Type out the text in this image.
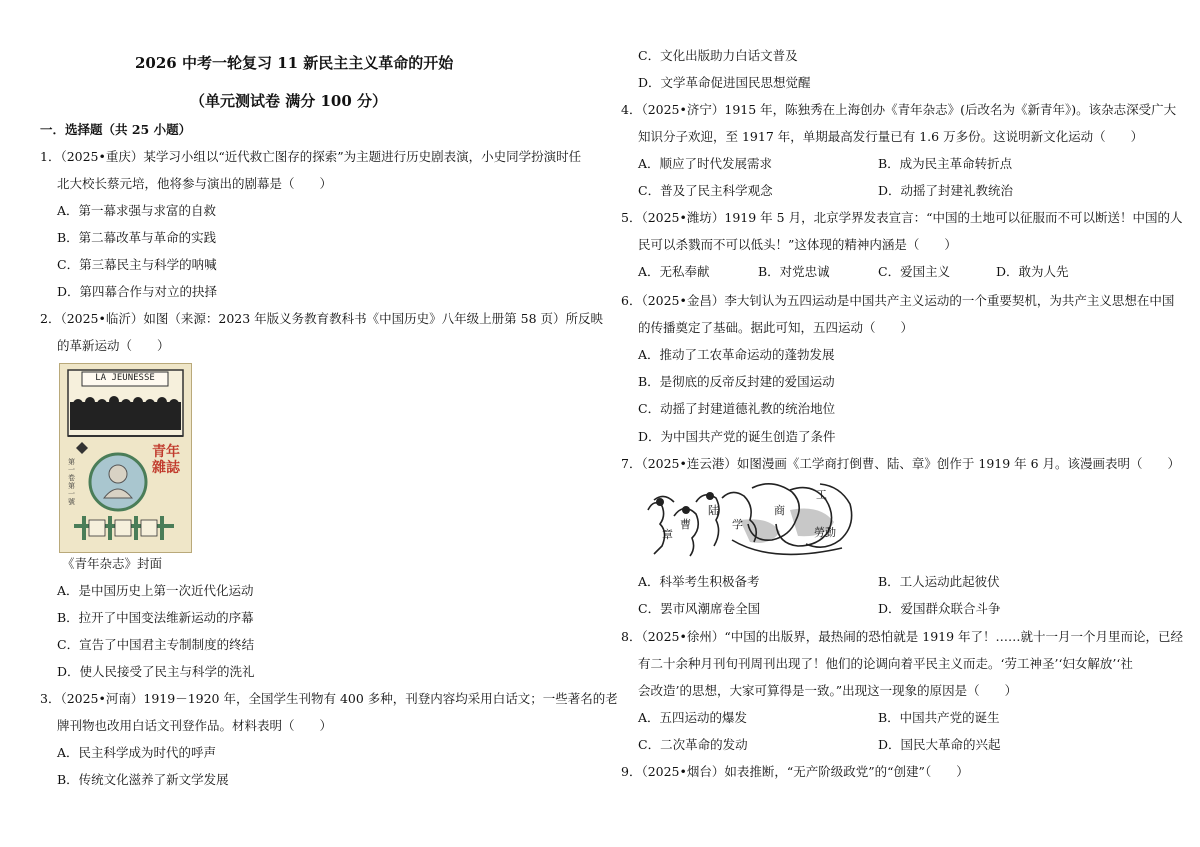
2026 中考一轮复习 11 新民主主义革命的开始
（单元测试卷 满分 100 分）
一．选择题（共 25 小题）
1．（2025•重庆）某学习小组以“近代救亡图存的探索”为主题进行历史剧表演，小史同学扮演时任
北大校长蔡元培，他将参与演出的剧幕是（　　）
A．第一幕求强与求富的自救
B．第二幕改革与革命的实践
C．第三幕民主与科学的呐喊
D．第四幕合作与对立的抉择
2．（2025•临沂）如图（来源：2023 年版义务教育教科书《中国历史》八年级上册第 58 页）所反映
的革新运动（　　）
LA JEUNESSE
青年雜誌
第一卷 第一號
《青年杂志》封面
A．是中国历史上第一次近代化运动
B．拉开了中国变法维新运动的序幕
C．宣告了中国君主专制制度的终结
D．使人民接受了民主与科学的洗礼
3．（2025•河南）1919－1920 年，全国学生刊物有 400 多种，刊登内容均采用白话文；一些著名的老
牌刊物也改用白话文刊登作品。材料表明（　　）
A．民主科学成为时代的呼声
B．传统文化滋养了新文学发展
C．文化出版助力白话文普及
D．文学革命促进国民思想觉醒
4．（2025•济宁）1915 年，陈独秀在上海创办《青年杂志》(后改名为《新青年》)。该杂志深受广大
知识分子欢迎，至 1917 年，单期最高发行量已有 1.6 万多份。这说明新文化运动（　　）
A．顺应了时代发展需求	B．成为民主革命转折点
C．普及了民主科学观念	D．动摇了封建礼教统治
5．（2025•潍坊）1919 年 5 月，北京学界发表宣言：“中国的土地可以征服而不可以断送！中国的人
民可以杀戮而不可以低头！”这体现的精神内涵是（　　）
A．无私奉献	B．对党忠诚	C．爱国主义	D．敢为人先
6．（2025•金昌）李大钊认为五四运动是中国共产主义运动的一个重要契机，为共产主义思想在中国
的传播奠定了基础。据此可知，五四运动（　　）
A．推动了工农革命运动的蓬勃发展
B．是彻底的反帝反封建的爱国运动
C．动摇了封建道德礼教的统治地位
D．为中国共产党的诞生创造了条件
7．（2025•连云港）如图漫画《工学商打倒曹、陆、章》创作于 1919 年 6 月。该漫画表明（　　）
曹
陆
章
学
商
工
勞動
A．科举考生积极备考	B．工人运动此起彼伏
C．罢市风潮席卷全国	D．爱国群众联合斗争
8．（2025•徐州）“中国的出版界，最热闹的恐怕就是 1919 年了！……就十一月一个月里而论，已经
有二十余种月刊旬刊周刊出现了！他们的论调向着平民主义而走。‘劳工神圣’‘妇女解放’‘社
会改造’的思想，大家可算得是一致。”出现这一现象的原因是（　　）
A．五四运动的爆发	B．中国共产党的诞生
C．二次革命的发动	D．国民大革命的兴起
9．（2025•烟台）如表推断，“无产阶级政党”的“创建”（　　）
